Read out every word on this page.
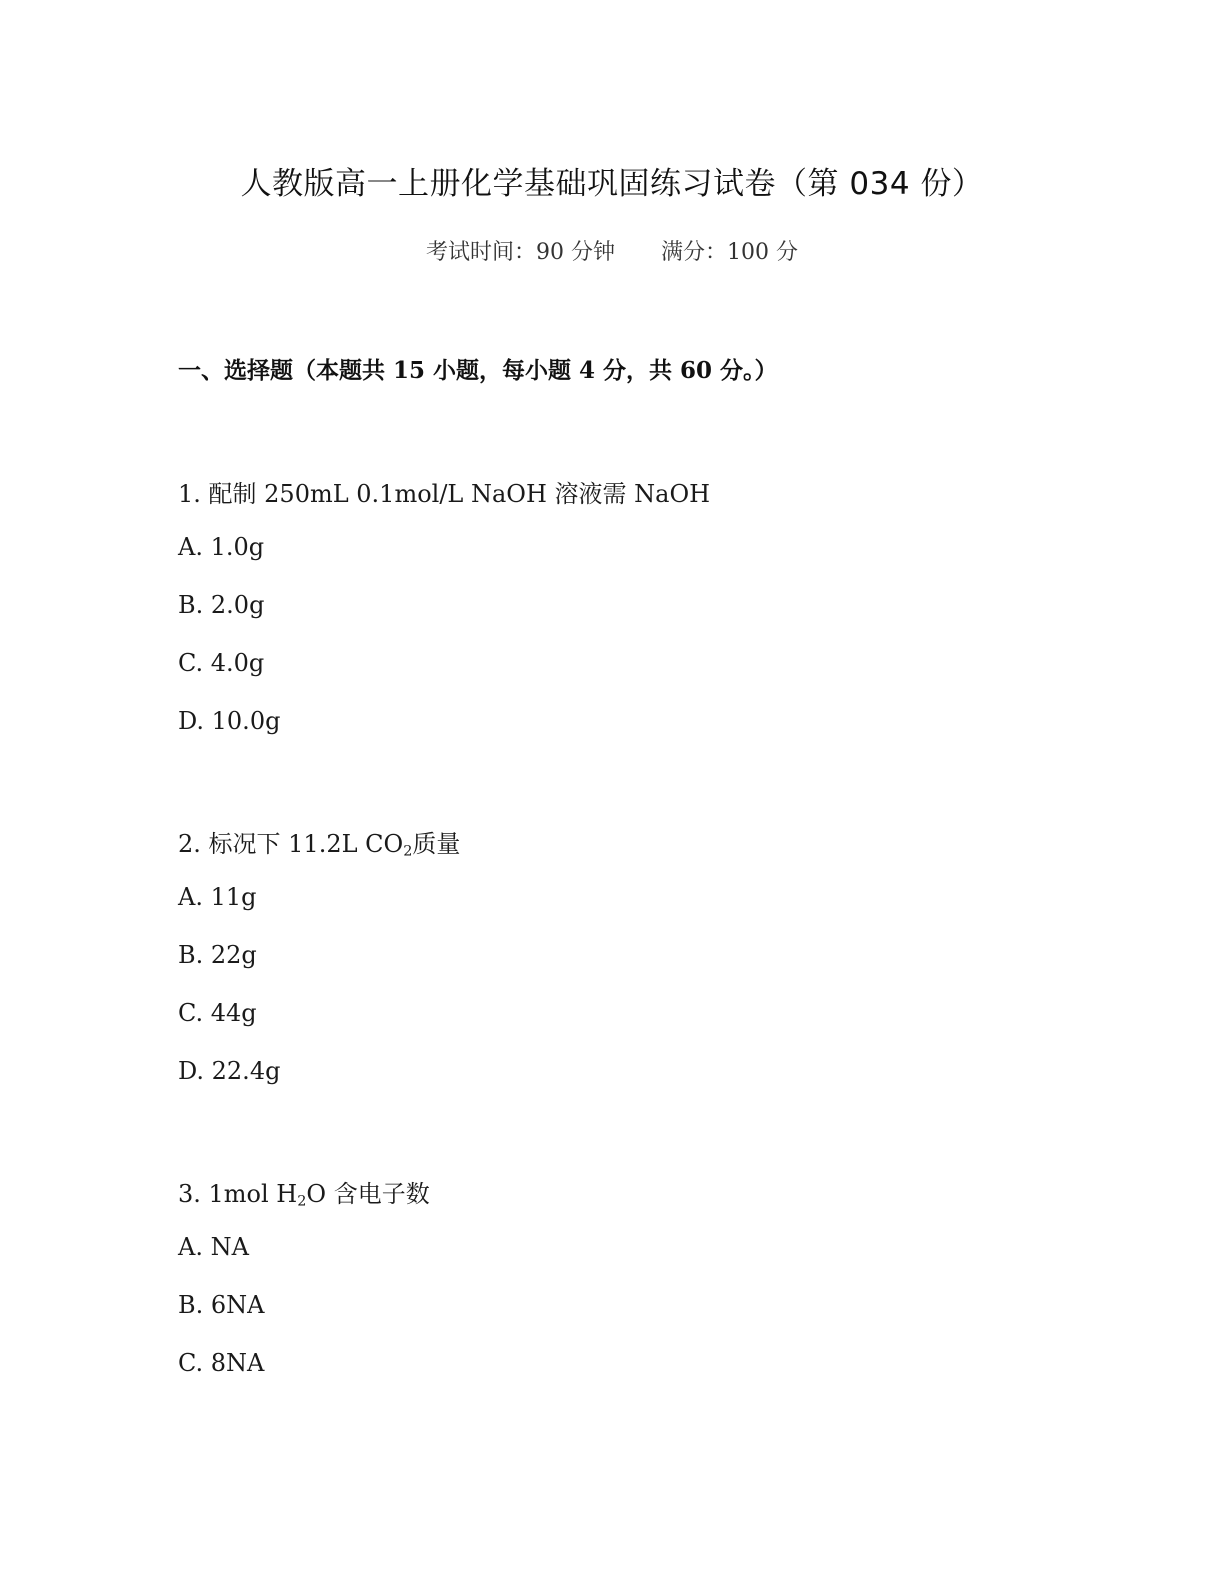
人教版高一上册化学基础巩固练习试卷（第 034 份）
考试时间：90 分钟 满分：100 分
一、选择题（本题共 15 小题，每小题 4 分，共 60 分。）
1. 配制 250mL 0.1mol/L NaOH 溶液需 NaOH
A. 1.0g
B. 2.0g
C. 4.0g
D. 10.0g
2. 标况下 11.2L $CO_2$质量
A. 11g
B. 22g
C. 44g
D. 22.4g
3. 1mol $H_2O$ 含电子数
A. NA
B. 6NA
C. 8NA
